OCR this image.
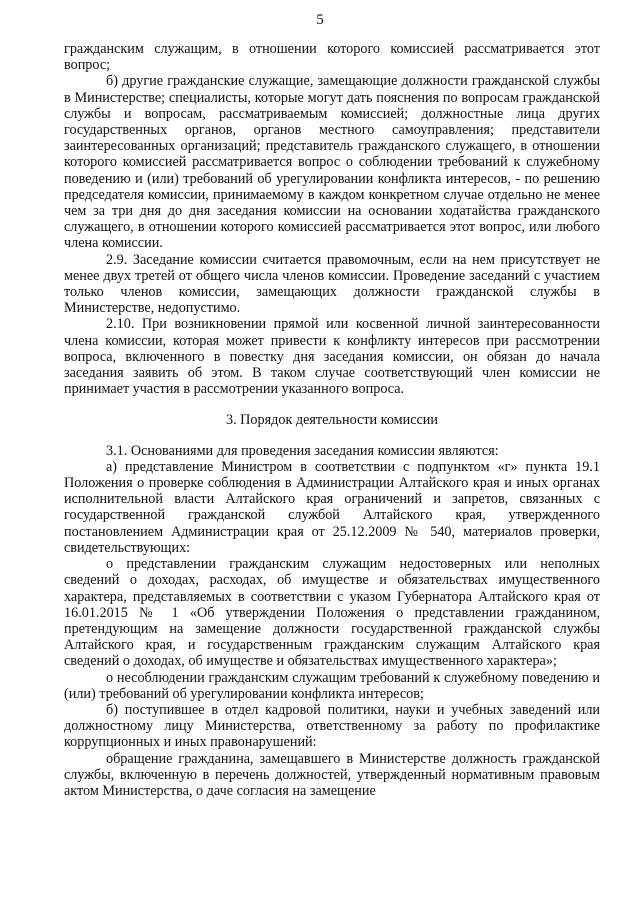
5

гражданским служащим, в отношении которого комиссией рассматривается этот вопрос;

б) другие гражданские служащие, замещающие должности гражданской службы в Министерстве; специалисты, которые могут дать пояснения по вопросам гражданской службы и вопросам, рассматриваемым комиссией; должностные лица других государственных органов, органов местного самоуправления; представители заинтересованных организаций; представитель гражданского служащего, в отношении которого комиссией рассматривается вопрос о соблюдении требований к служебному поведению и (или) требований об урегулировании конфликта интересов, - по решению председателя комиссии, принимаемому в каждом конкретном случае отдельно не менее чем за три дня до дня заседания комиссии на основании ходатайства гражданского служащего, в отношении которого комиссией рассматривается этот вопрос, или любого члена комиссии.

2.9. Заседание комиссии считается правомочным, если на нем присутствует не менее двух третей от общего числа членов комиссии. Проведение заседаний с участием только членов комиссии, замещающих должности гражданской службы в Министерстве, недопустимо.

2.10. При возникновении прямой или косвенной личной заинтересованности члена комиссии, которая может привести к конфликту интересов при рассмотрении вопроса, включенного в повестку дня заседания комиссии, он обязан до начала заседания заявить об этом. В таком случае соответствующий член комиссии не принимает участия в рассмотрении указанного вопроса.

3. Порядок деятельности комиссии

3.1. Основаниями для проведения заседания комиссии являются:

а) представление Министром в соответствии с подпунктом «г» пункта 19.1 Положения о проверке соблюдения в Администрации Алтайского края и иных органах исполнительной власти Алтайского края ограничений и запретов, связанных с государственной гражданской службой Алтайского края, утвержденного постановлением Администрации края от 25.12.2009 № 540, материалов проверки, свидетельствующих:

о представлении гражданским служащим недостоверных или неполных сведений о доходах, расходах, об имуществе и обязательствах имущественного характера, представляемых в соответствии с указом Губернатора Алтайского края от 16.01.2015 № 1 «Об утверждении Положения о представлении гражданином, претендующим на замещение должности государственной гражданской службы Алтайского края, и государственным гражданским служащим Алтайского края сведений о доходах, об имуществе и обязательствах имущественного характера»;

о несоблюдении гражданским служащим требований к служебному поведению и (или) требований об урегулировании конфликта интересов;

б) поступившее в отдел кадровой политики, науки и учебных заведений или должностному лицу Министерства, ответственному за работу по профилактике коррупционных и иных правонарушений:

обращение гражданина, замещавшего в Министерстве должность гражданской службы, включенную в перечень должностей, утвержденный нормативным правовым актом Министерства, о даче согласия на замещение
